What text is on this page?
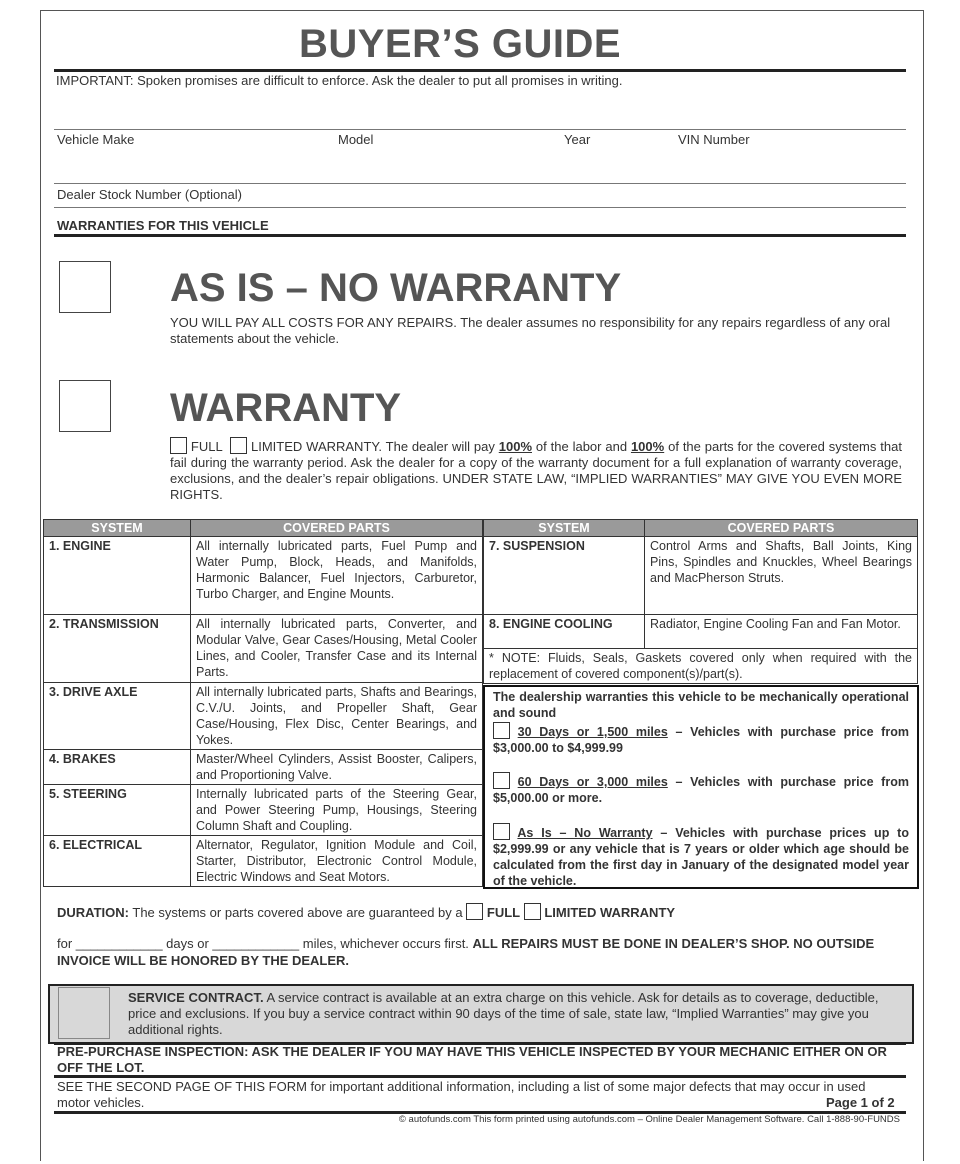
BUYER’S GUIDE
IMPORTANT: Spoken promises are difficult to enforce. Ask the dealer to put all promises in writing.
Vehicle Make	Model	Year	VIN Number
Dealer Stock Number (Optional)
WARRANTIES FOR THIS VEHICLE
AS IS – NO WARRANTY
YOU WILL PAY ALL COSTS FOR ANY REPAIRS. The dealer assumes no responsibility for any repairs regardless of any oral statements about the vehicle.
WARRANTY
FULL LIMITED WARRANTY. The dealer will pay 100% of the labor and 100% of the parts for the covered systems that fail during the warranty period. Ask the dealer for a copy of the warranty document for a full explanation of warranty coverage, exclusions, and the dealer’s repair obligations. UNDER STATE LAW, “IMPLIED WARRANTIES” MAY GIVE YOU EVEN MORE RIGHTS.
SYSTEM	COVERED PARTS
1. ENGINE	All internally lubricated parts, Fuel Pump and Water Pump, Block, Heads, and Manifolds, Harmonic Balancer, Fuel Injectors, Carburetor, Turbo Charger, and Engine Mounts.
2. TRANSMISSION	All internally lubricated parts, Converter, and Modular Valve, Gear Cases/Housing, Metal Cooler Lines, and Cooler, Transfer Case and its Internal Parts.
3. DRIVE AXLE	All internally lubricated parts, Shafts and Bearings, C.V./U. Joints, and Propeller Shaft, Gear Case/Housing, Flex Disc, Center Bearings, and Yokes.
4. BRAKES	Master/Wheel Cylinders, Assist Booster, Calipers, and Proportioning Valve.
5. STEERING	Internally lubricated parts of the Steering Gear, and Power Steering Pump, Housings, Steering Column Shaft and Coupling.
6. ELECTRICAL	Alternator, Regulator, Ignition Module and Coil, Starter, Distributor, Electronic Control Module, Electric Windows and Seat Motors.
SYSTEM	COVERED PARTS
7. SUSPENSION	Control Arms and Shafts, Ball Joints, King Pins, Spindles and Knuckles, Wheel Bearings and MacPherson Struts.
8. ENGINE COOLING	Radiator, Engine Cooling Fan and Fan Motor.
* NOTE: Fluids, Seals, Gaskets covered only when required with the replacement of covered component(s)/part(s).	
The dealership warranties this vehicle to be mechanically operational and sound
30 Days or 1,500 miles – Vehicles with purchase price from $3,000.00 to $4,999.99
60 Days or 3,000 miles – Vehicles with purchase price from $5,000.00 or more.
As Is – No Warranty – Vehicles with purchase prices up to $2,999.99 or any vehicle that is 7 years or older which age should be calculated from the first day in January of the designated model year of the vehicle.
DURATION: The systems or parts covered above are guaranteed by a FULL LIMITED WARRANTY
for ____________ days or ____________ miles, whichever occurs first. ALL REPAIRS MUST BE DONE IN DEALER’S SHOP. NO OUTSIDE INVOICE WILL BE HONORED BY THE DEALER.
SERVICE CONTRACT. A service contract is available at an extra charge on this vehicle. Ask for details as to coverage, deductible, price and exclusions. If you buy a service contract within 90 days of the time of sale, state law, “Implied Warranties” may give you additional rights.
PRE-PURCHASE INSPECTION: ASK THE DEALER IF YOU MAY HAVE THIS VEHICLE INSPECTED BY YOUR MECHANIC EITHER ON OR OFF THE LOT.
SEE THE SECOND PAGE OF THIS FORM for important additional information, including a list of some major defects that may occur in used motor vehicles.	Page 1 of 2
© autofunds.com This form printed using autofunds.com – Online Dealer Management Software. Call 1-888-90-FUNDS
